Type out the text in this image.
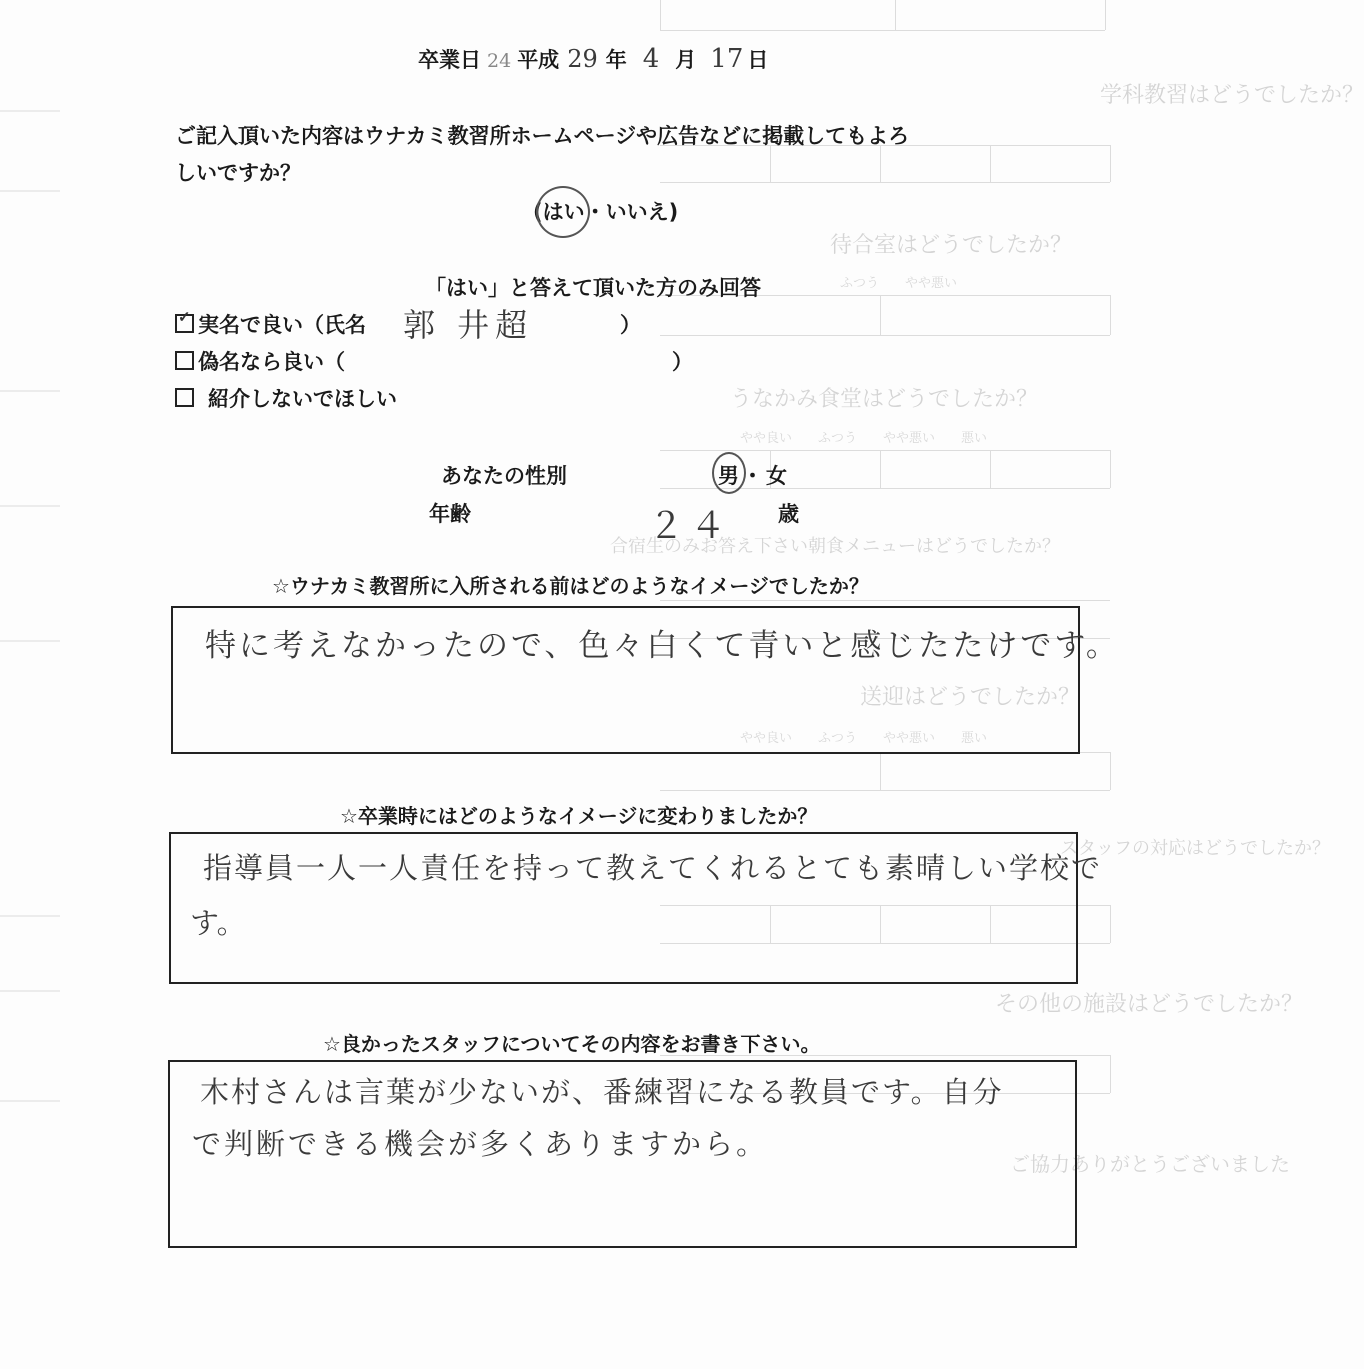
学科教習はどうでしたか？
待合室はどうでしたか？
ふつう　　やや悪い
うなかみ食堂はどうでしたか？
やや良い　　ふつう　　やや悪い　　悪い
合宿生のみお答え下さい朝食メニューはどうでしたか？
送迎はどうでしたか？
やや良い　　ふつう　　やや悪い　　悪い
スタッフの対応はどうでしたか？
その他の施設はどうでしたか？
ご協力ありがとうございました
卒業日 24 平成 29 年 4 月 17 日
ご記入頂いた内容はウナカミ教習所ホームページや広告などに掲載してもよろ
しいですか？
(はい・いいえ)
「はい」と答えて頂いた方のみ回答
✓ 実名で良い（氏名 郭 井超	）
偽名なら良い（	）
紹介しないでほしい
あなたの性別	男・女
年齢	２４ 歳
☆ウナカミ教習所に入所される前はどのようなイメージでしたか？
特に考えなかったので、色々白くて青いと感じたたけです。
☆卒業時にはどのようなイメージに変わりましたか？
指導員一人一人責任を持って教えてくれるとても素晴しい学校で
す。
☆良かったスタッフについてその内容をお書き下さい。
木村さんは言葉が少ないが、番練習になる教員です。自分
で判断できる機会が多くありますから。
